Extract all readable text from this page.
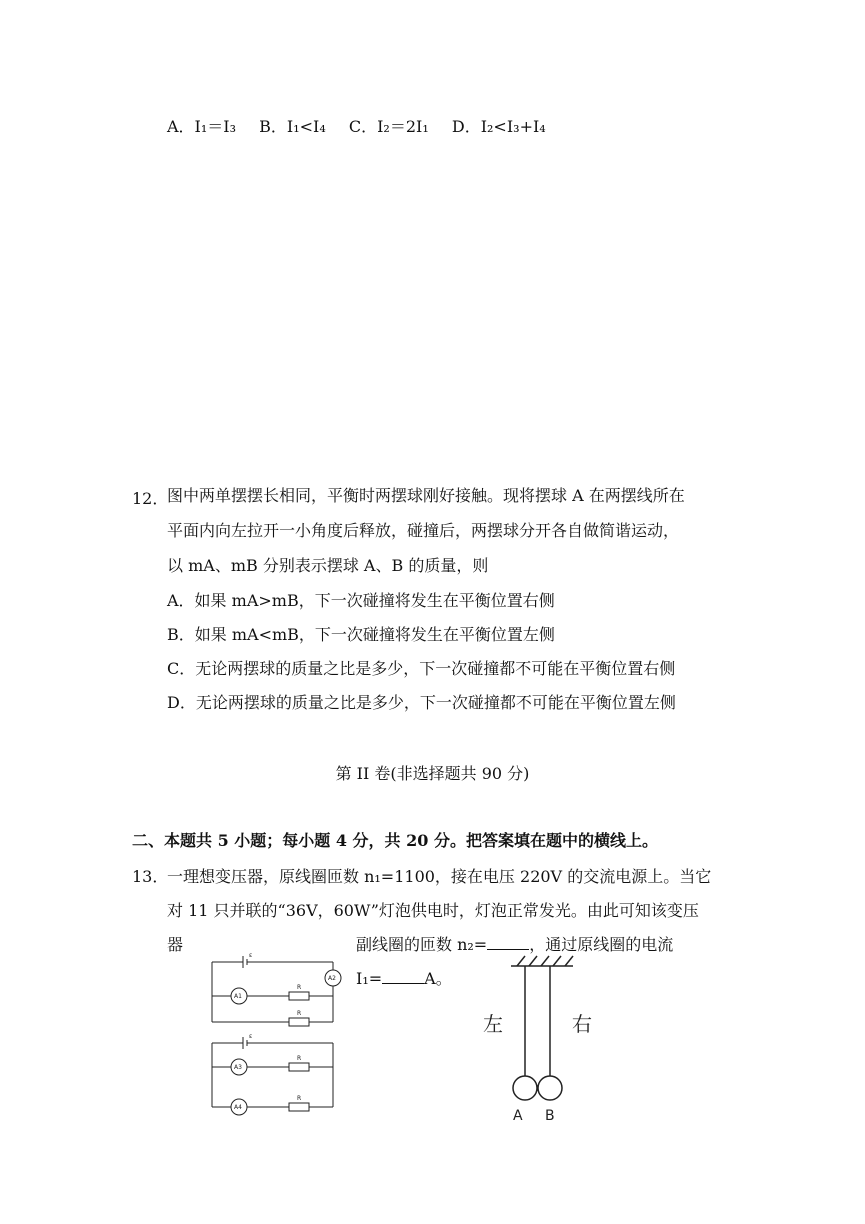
A．I₁＝I₃ B．I₁<I₄ C．I₂＝2I₁ D．I₂<I₃+I₄
12．
图中两单摆摆长相同，平衡时两摆球刚好接触。现将摆球 A 在两摆线所在
平面内向左拉开一小角度后释放，碰撞后，两摆球分开各自做简谐运动，
以 mA、mB 分别表示摆球 A、B 的质量，则
A．如果 mA>mB，下一次碰撞将发生在平衡位置右侧
B．如果 mA<mB，下一次碰撞将发生在平衡位置左侧
C．无论两摆球的质量之比是多少，下一次碰撞都不可能在平衡位置右侧
D．无论两摆球的质量之比是多少，下一次碰撞都不可能在平衡位置左侧
第 II 卷(非选择题共 90 分)
二、本题共 5 小题；每小题 4 分，共 20 分。把答案填在题中的横线上。
13．
一理想变压器，原线圈匝数 n₁=1100，接在电压 220V 的交流电源上。当它
对 11 只并联的“36V，60W”灯泡供电时，灯泡正常发光。由此可知该变压
器	副线圈的匝数 n₂=	，通过原线圈的电流
I₁=	A。
ε
ε
A2
A1
A3
A4
R
R
R
R
左	右
A B
